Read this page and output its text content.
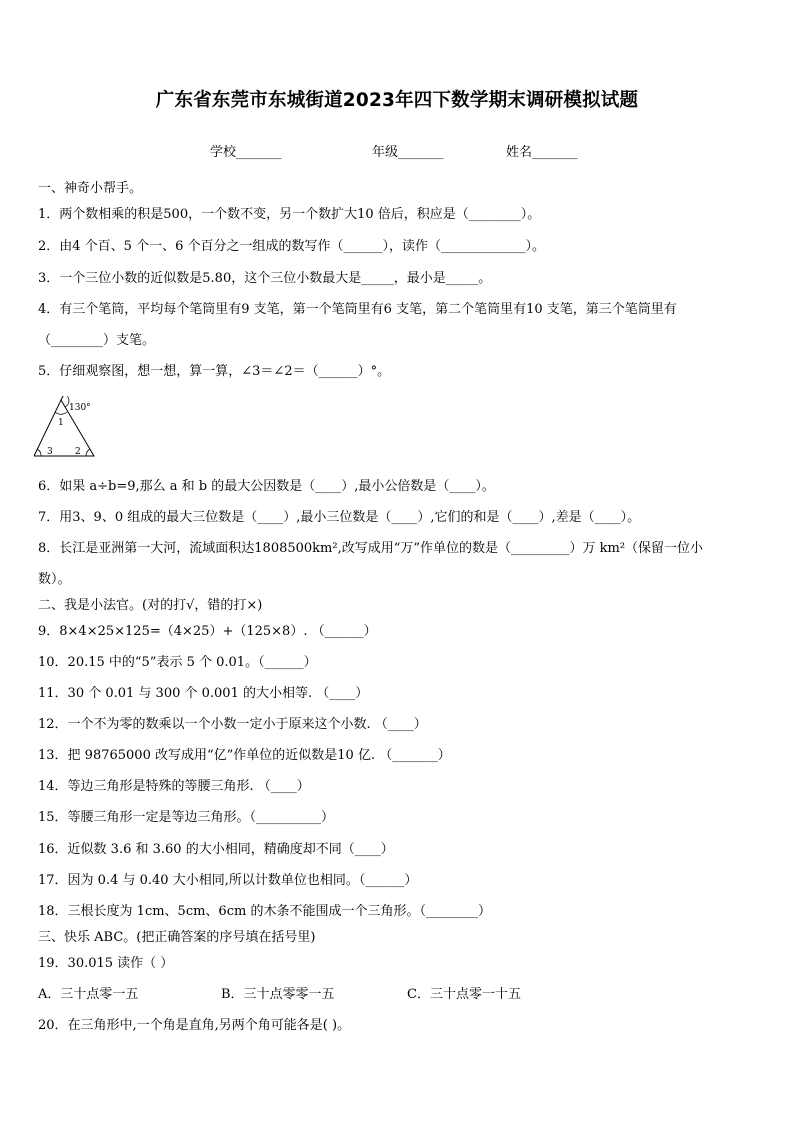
广东省东莞市东城街道2023年四下数学期末调研模拟试题
学校_______	年级_______	姓名_______
一、神奇小帮手。
1．两个数相乘的积是500，一个数不变，另一个数扩大10 倍后，积应是（________）。
2．由4 个百、5 个一、6 个百分之一组成的数写作（______），读作（_____________）。
3．一个三位小数的近似数是5.80，这个三位小数最大是_____，最小是_____。
4．有三个笔筒，平均每个笔筒里有9 支笔，第一个笔筒里有6 支笔，第二个笔筒里有10 支笔，第三个笔筒里有
（________）支笔。
5．仔细观察图，想一想，算一算，∠3＝∠2＝（______）°。
130°
1
3 2
6．如果 a÷b=9,那么 a 和 b 的最大公因数是（____）,最小公倍数是（____）。
7．用3、9、0 组成的最大三位数是（____）,最小三位数是（____）,它们的和是（____）,差是（____）。
8．长江是亚洲第一大河，流域面积达1808500km²,改写成用“万”作单位的数是（_________）万 km²（保留一位小
数）。
二、我是小法官。(对的打√，错的打×)
9．8×4×25×125=（4×25）+（125×8）. （______）
10．20.15 中的“5”表示 5 个 0.01。（______）
11．30 个 0.01 与 300 个 0.001 的大小相等. （____）
12．一个不为零的数乘以一个小数一定小于原来这个小数. （____）
13．把 98765000 改写成用“亿”作单位的近似数是10 亿. （_______）
14．等边三角形是特殊的等腰三角形. （____）
15．等腰三角形一定是等边三角形。（__________）
16．近似数 3.6 和 3.60 的大小相同，精确度却不同（____）
17．因为 0.4 与 0.40 大小相同,所以计数单位也相同。（______）
18．三根长度为 1cm、5cm、6cm 的木条不能围成一个三角形。（________）
三、快乐 ABC。(把正确答案的序号填在括号里)
19．30.015 读作（ ）
A．三十点零一五	B．三十点零零一五	C．三十点零一十五
20．在三角形中,一个角是直角,另两个角可能各是( )。
